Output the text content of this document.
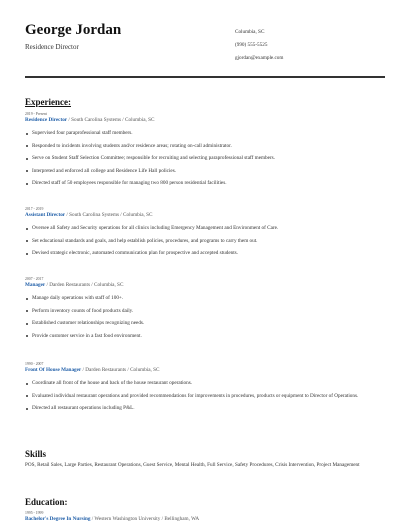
George Jordan
Residence Director
Columbia, SC
(990) 555-5525
gjordan@example.com
Experience:
2019 - Present
Residence Director / South Carolina Systems / Columbia, SC
Supervised four paraprofessional staff members.
Responded to incidents involving students and/or residence areas; rotating on-call administrator.
Serve on Student Staff Selection Committee; responsible for recruiting and selecting paraprofessional staff members.
Interpreted and enforced all college and Residence Life Hall policies.
Directed staff of 50 employees responsible for managing two 800 person residential facilities.
2017 - 2019
Assistant Director / South Carolina Systems / Columbia, SC
Oversee all Safety and Security operations for all clinics including Emergency Management and Environment of Care.
Set educational standards and goals, and help establish policies, procedures, and programs to carry them out.
Devised strategic electronic, automated communication plan for prospective and accepted students.
2007 - 2017
Manager / Darden Restaurants / Columbia, SC
Manage daily operations with staff of 100+.
Perform inventory counts of food products daily.
Established customer relationships recognizing needs.
Provide customer service in a fast food environment.
1990 - 2007
Front Of House Manager / Darden Restaurants / Columbia, SC
Coordinate all front of the house and back of the house restaurant operations.
Evaluated individual restaurant operations and provided recommendations for improvements in procedures, products or equipment to Director of Operations.
Directed all restaurant operations including P&L.
Skills
POS, Retail Sales, Large Parties, Restaurant Operations, Guest Service, Mental Health, Full Service, Safety Procedures, Crisis Intervention, Project Management
Education:
1995 - 1999
Bachelor's Degree In Nursing / Western Washington University / Bellingham, WA
